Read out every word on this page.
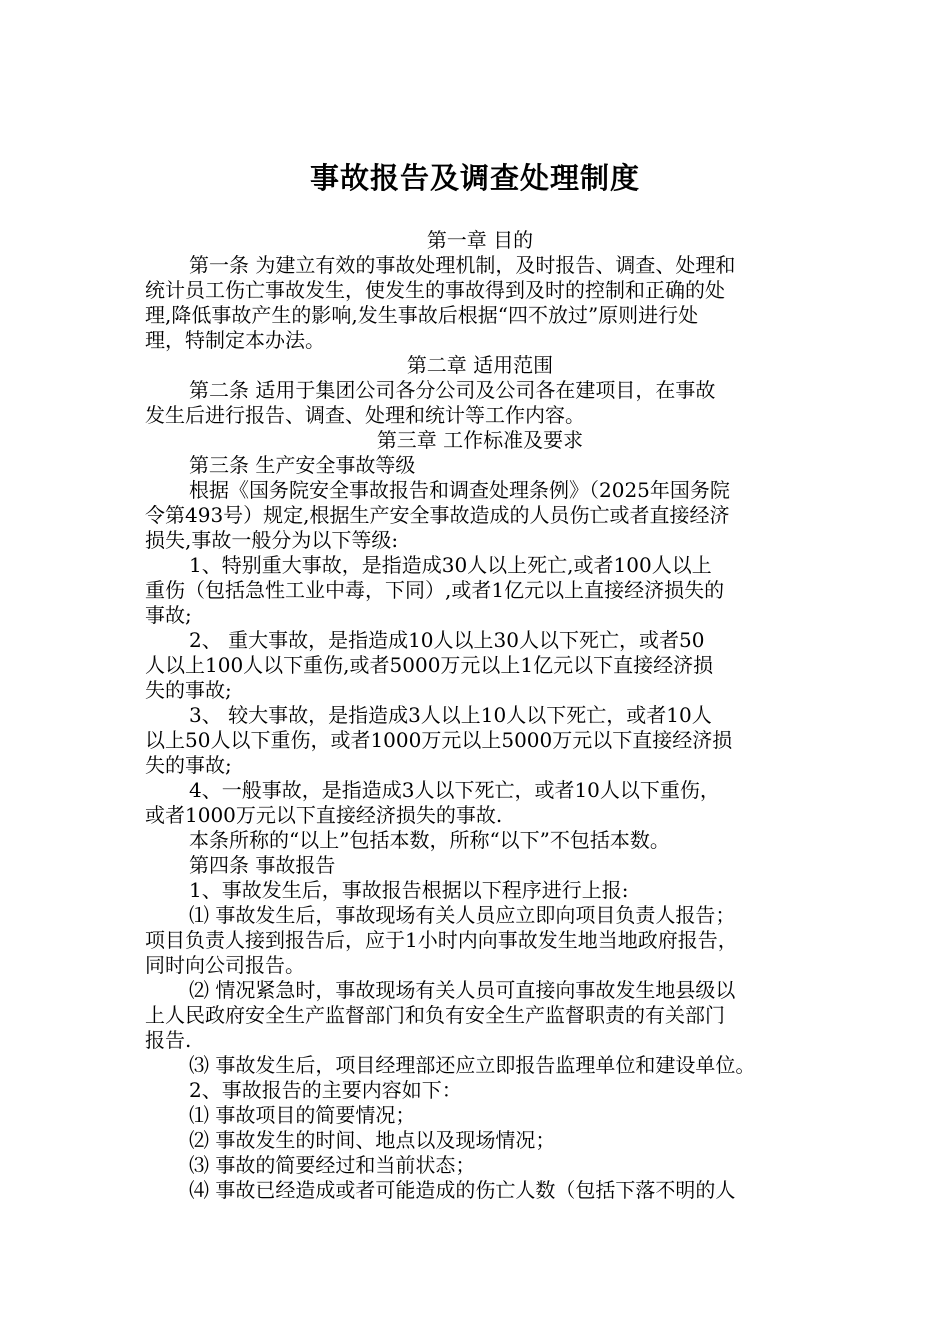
事故报告及调查处理制度
第一章 目的
第一条 为建立有效的事故处理机制，及时报告、调查、处理和
统计员工伤亡事故发生，使发生的事故得到及时的控制和正确的处
理,降低事故产生的影响,发生事故后根据“四不放过”原则进行处
理，特制定本办法。
第二章 适用范围
第二条 适用于集团公司各分公司及公司各在建项目，在事故
发生后进行报告、调查、处理和统计等工作内容。
第三章 工作标准及要求
第三条 生产安全事故等级
根据《国务院安全事故报告和调查处理条例》（2025年国务院
令第493号）规定,根据生产安全事故造成的人员伤亡或者直接经济
损失,事故一般分为以下等级:
1、特别重大事故，是指造成30人以上死亡,或者100人以上
重伤（包括急性工业中毒，下同）,或者1亿元以上直接经济损失的
事故;
2、 重大事故，是指造成10人以上30人以下死亡，或者50
人以上100人以下重伤,或者5000万元以上1亿元以下直接经济损
失的事故;
3、 较大事故，是指造成3人以上10人以下死亡，或者10人
以上50人以下重伤，或者1000万元以上5000万元以下直接经济损
失的事故;
4、一般事故，是指造成3人以下死亡，或者10人以下重伤，
或者1000万元以下直接经济损失的事故.
本条所称的“以上”包括本数，所称“以下”不包括本数。
第四条 事故报告
1、事故发生后，事故报告根据以下程序进行上报:
⑴ 事故发生后，事故现场有关人员应立即向项目负责人报告；
项目负责人接到报告后，应于1小时内向事故发生地当地政府报告，
同时向公司报告。
⑵ 情况紧急时，事故现场有关人员可直接向事故发生地县级以
上人民政府安全生产监督部门和负有安全生产监督职责的有关部门
报告.
⑶ 事故发生后，项目经理部还应立即报告监理单位和建设单位。
2、事故报告的主要内容如下：
⑴ 事故项目的简要情况；
⑵ 事故发生的时间、地点以及现场情况；
⑶ 事故的简要经过和当前状态；
⑷ 事故已经造成或者可能造成的伤亡人数（包括下落不明的人
